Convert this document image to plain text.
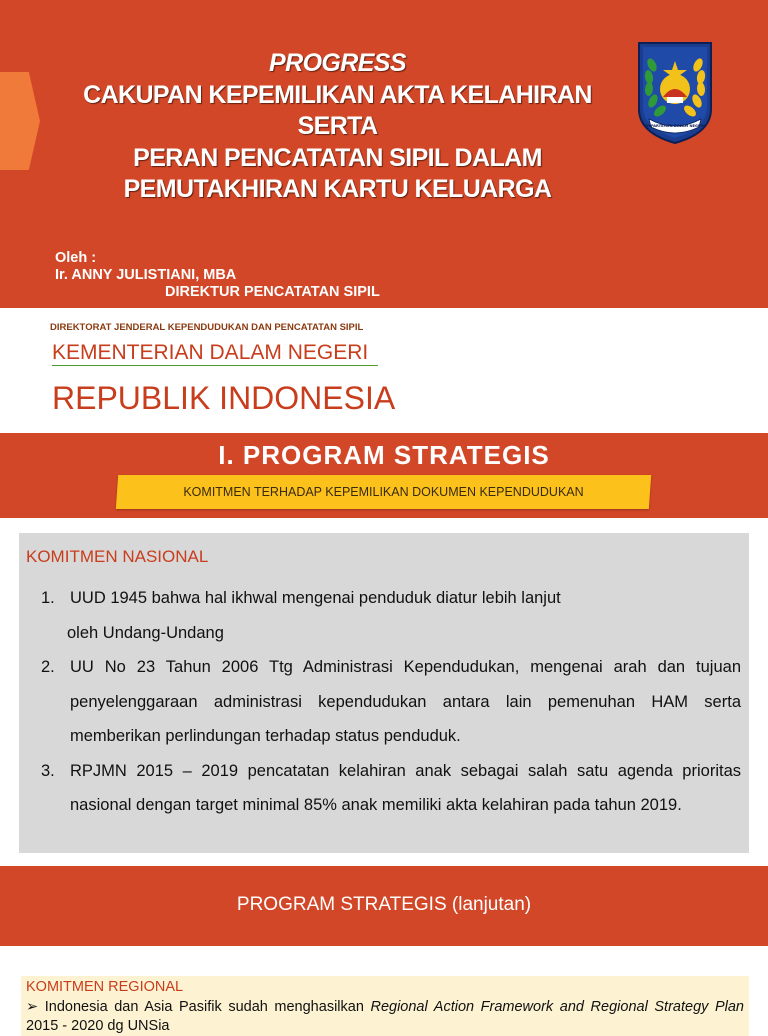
PROGRESS
CAKUPAN KEPEMILIKAN AKTA KELAHIRAN
SERTA
PERAN PENCATATAN SIPIL DALAM
PEMUTAKHIRAN KARTU KELUARGA
DEPARTEMEN DALAM NEGERI
Oleh :
Ir. ANNY JULISTIANI, MBA
DIREKTUR PENCATATAN SIPIL
DIREKTORAT JENDERAL KEPENDUDUKAN DAN PENCATATAN SIPIL
KEMENTERIAN DALAM NEGERI
REPUBLIK INDONESIA
I. PROGRAM STRATEGIS
KOMITMEN TERHADAP KEPEMILIKAN DOKUMEN KEPENDUDUKAN
KOMITMEN NASIONAL
1. UUD 1945 bahwa hal ikhwal mengenai penduduk diatur lebih lanjut
oleh Undang-Undang
2. UU No 23 Tahun 2006 Ttg Administrasi Kependudukan, mengenai arah dan tujuan penyelenggaraan administrasi kependudukan antara lain pemenuhan HAM serta memberikan perlindungan terhadap status penduduk.
3. RPJMN 2015 – 2019 pencatatan kelahiran anak sebagai salah satu agenda prioritas nasional dengan target minimal 85% anak memiliki akta kelahiran pada tahun 2019.
PROGRAM STRATEGIS (lanjutan)
KOMITMEN REGIONAL
➢ Indonesia dan Asia Pasifik sudah menghasilkan Regional Action Framework and Regional Strategy Plan 2015 - 2020 dg UNSia
